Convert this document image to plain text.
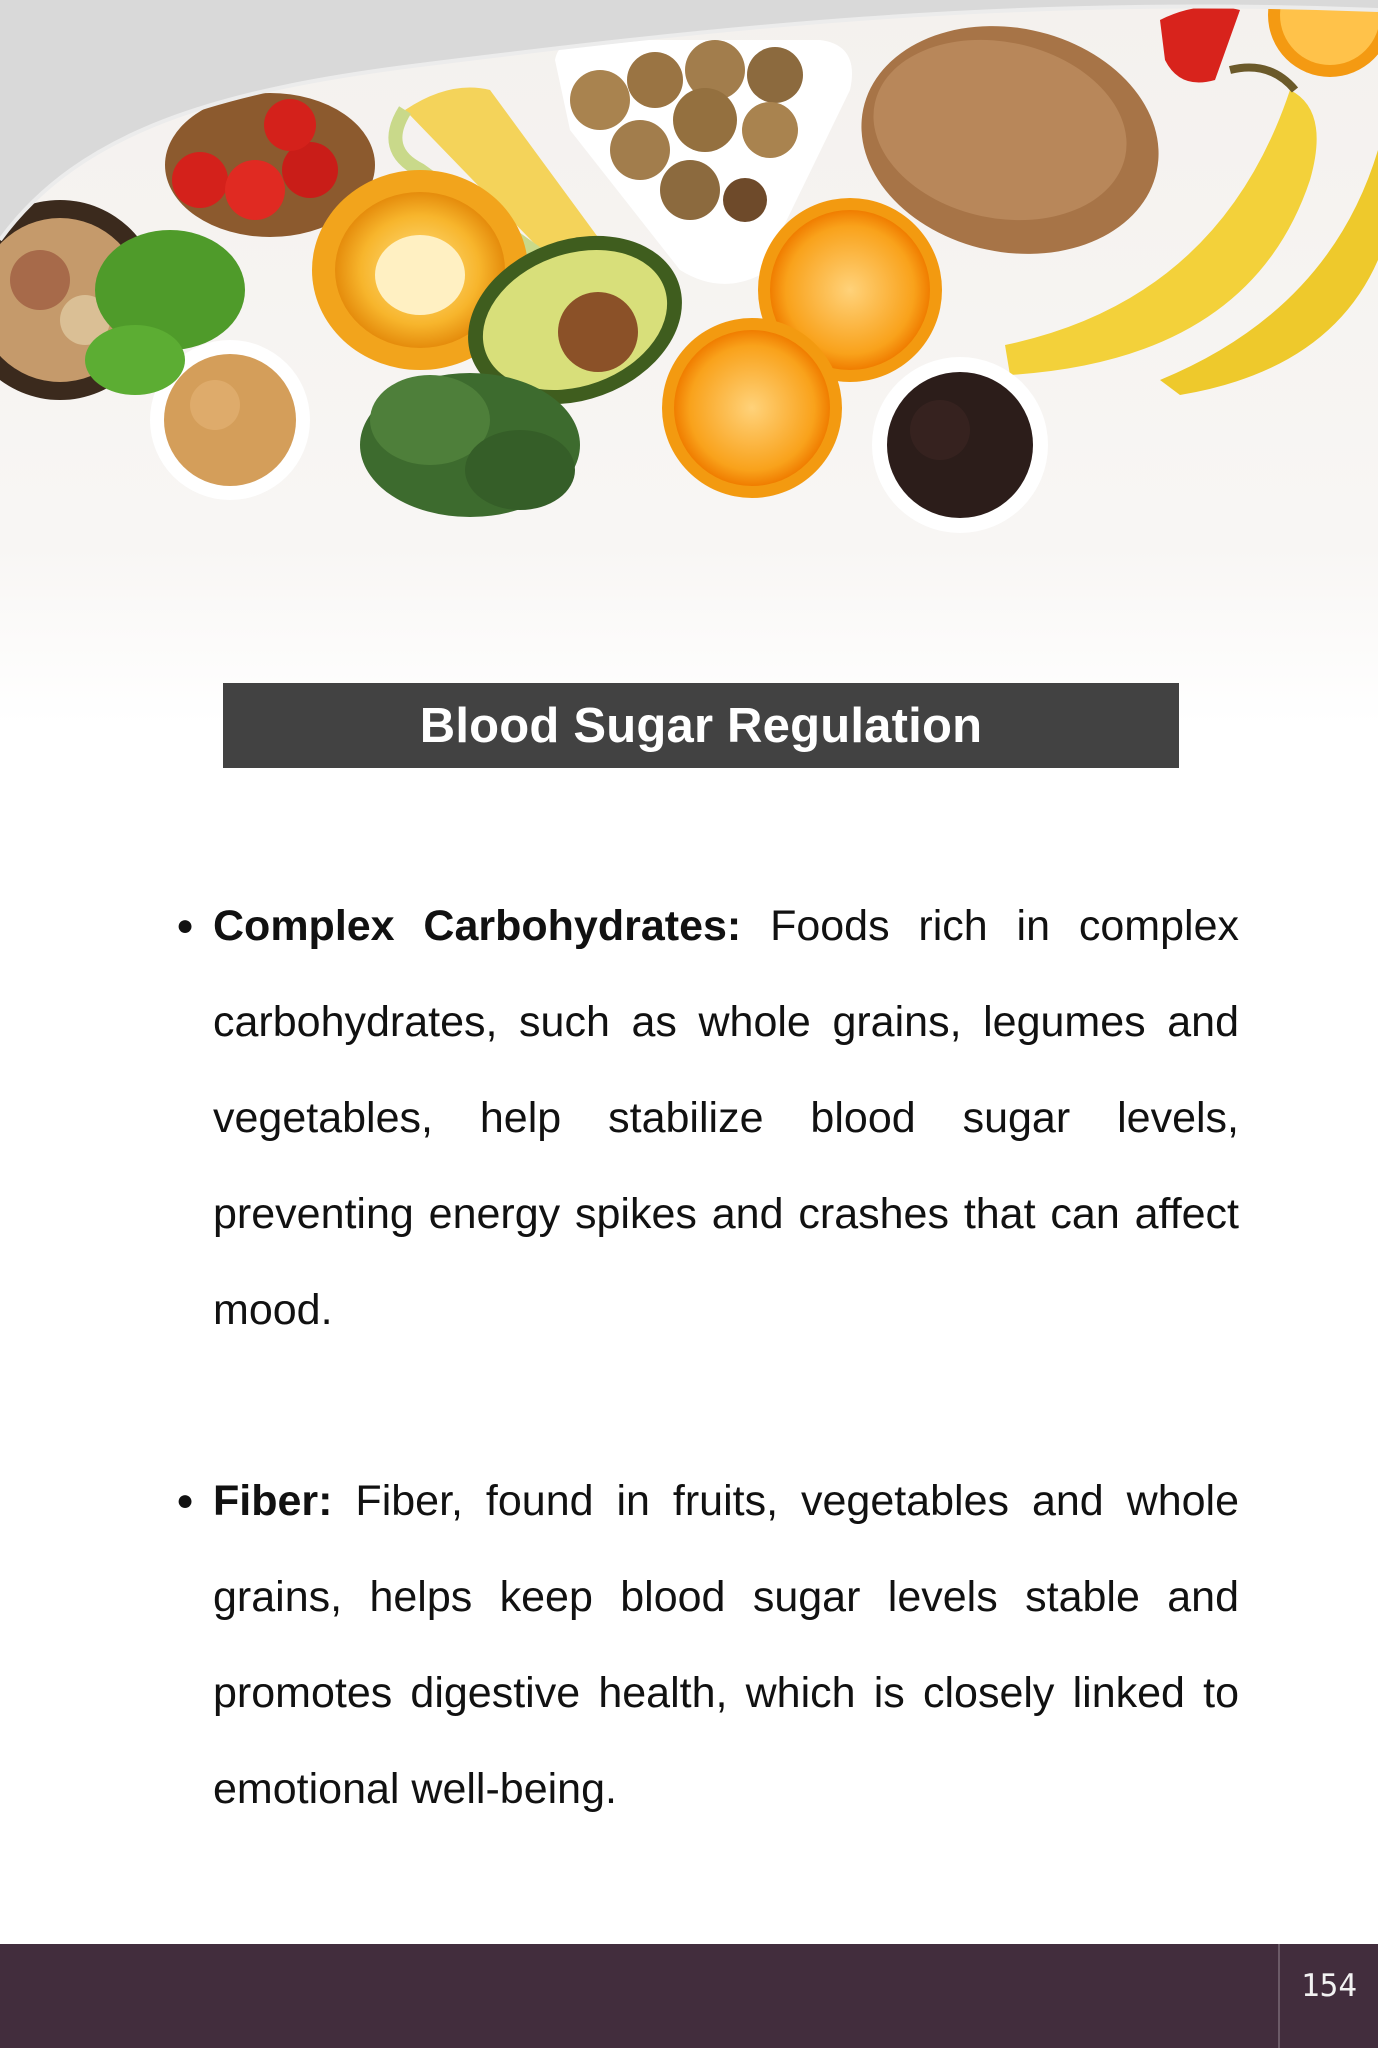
Blood Sugar Regulation
● Complex Carbohydrates: Foods rich in complex carbohydrates, such as whole grains, legumes and vegetables, help stabilize blood sugar levels, preventing energy spikes and crashes that can affect mood.
● Fiber: Fiber, found in fruits, vegetables and whole grains, helps keep blood sugar levels stable and promotes digestive health, which is closely linked to emotional well-being.
154
